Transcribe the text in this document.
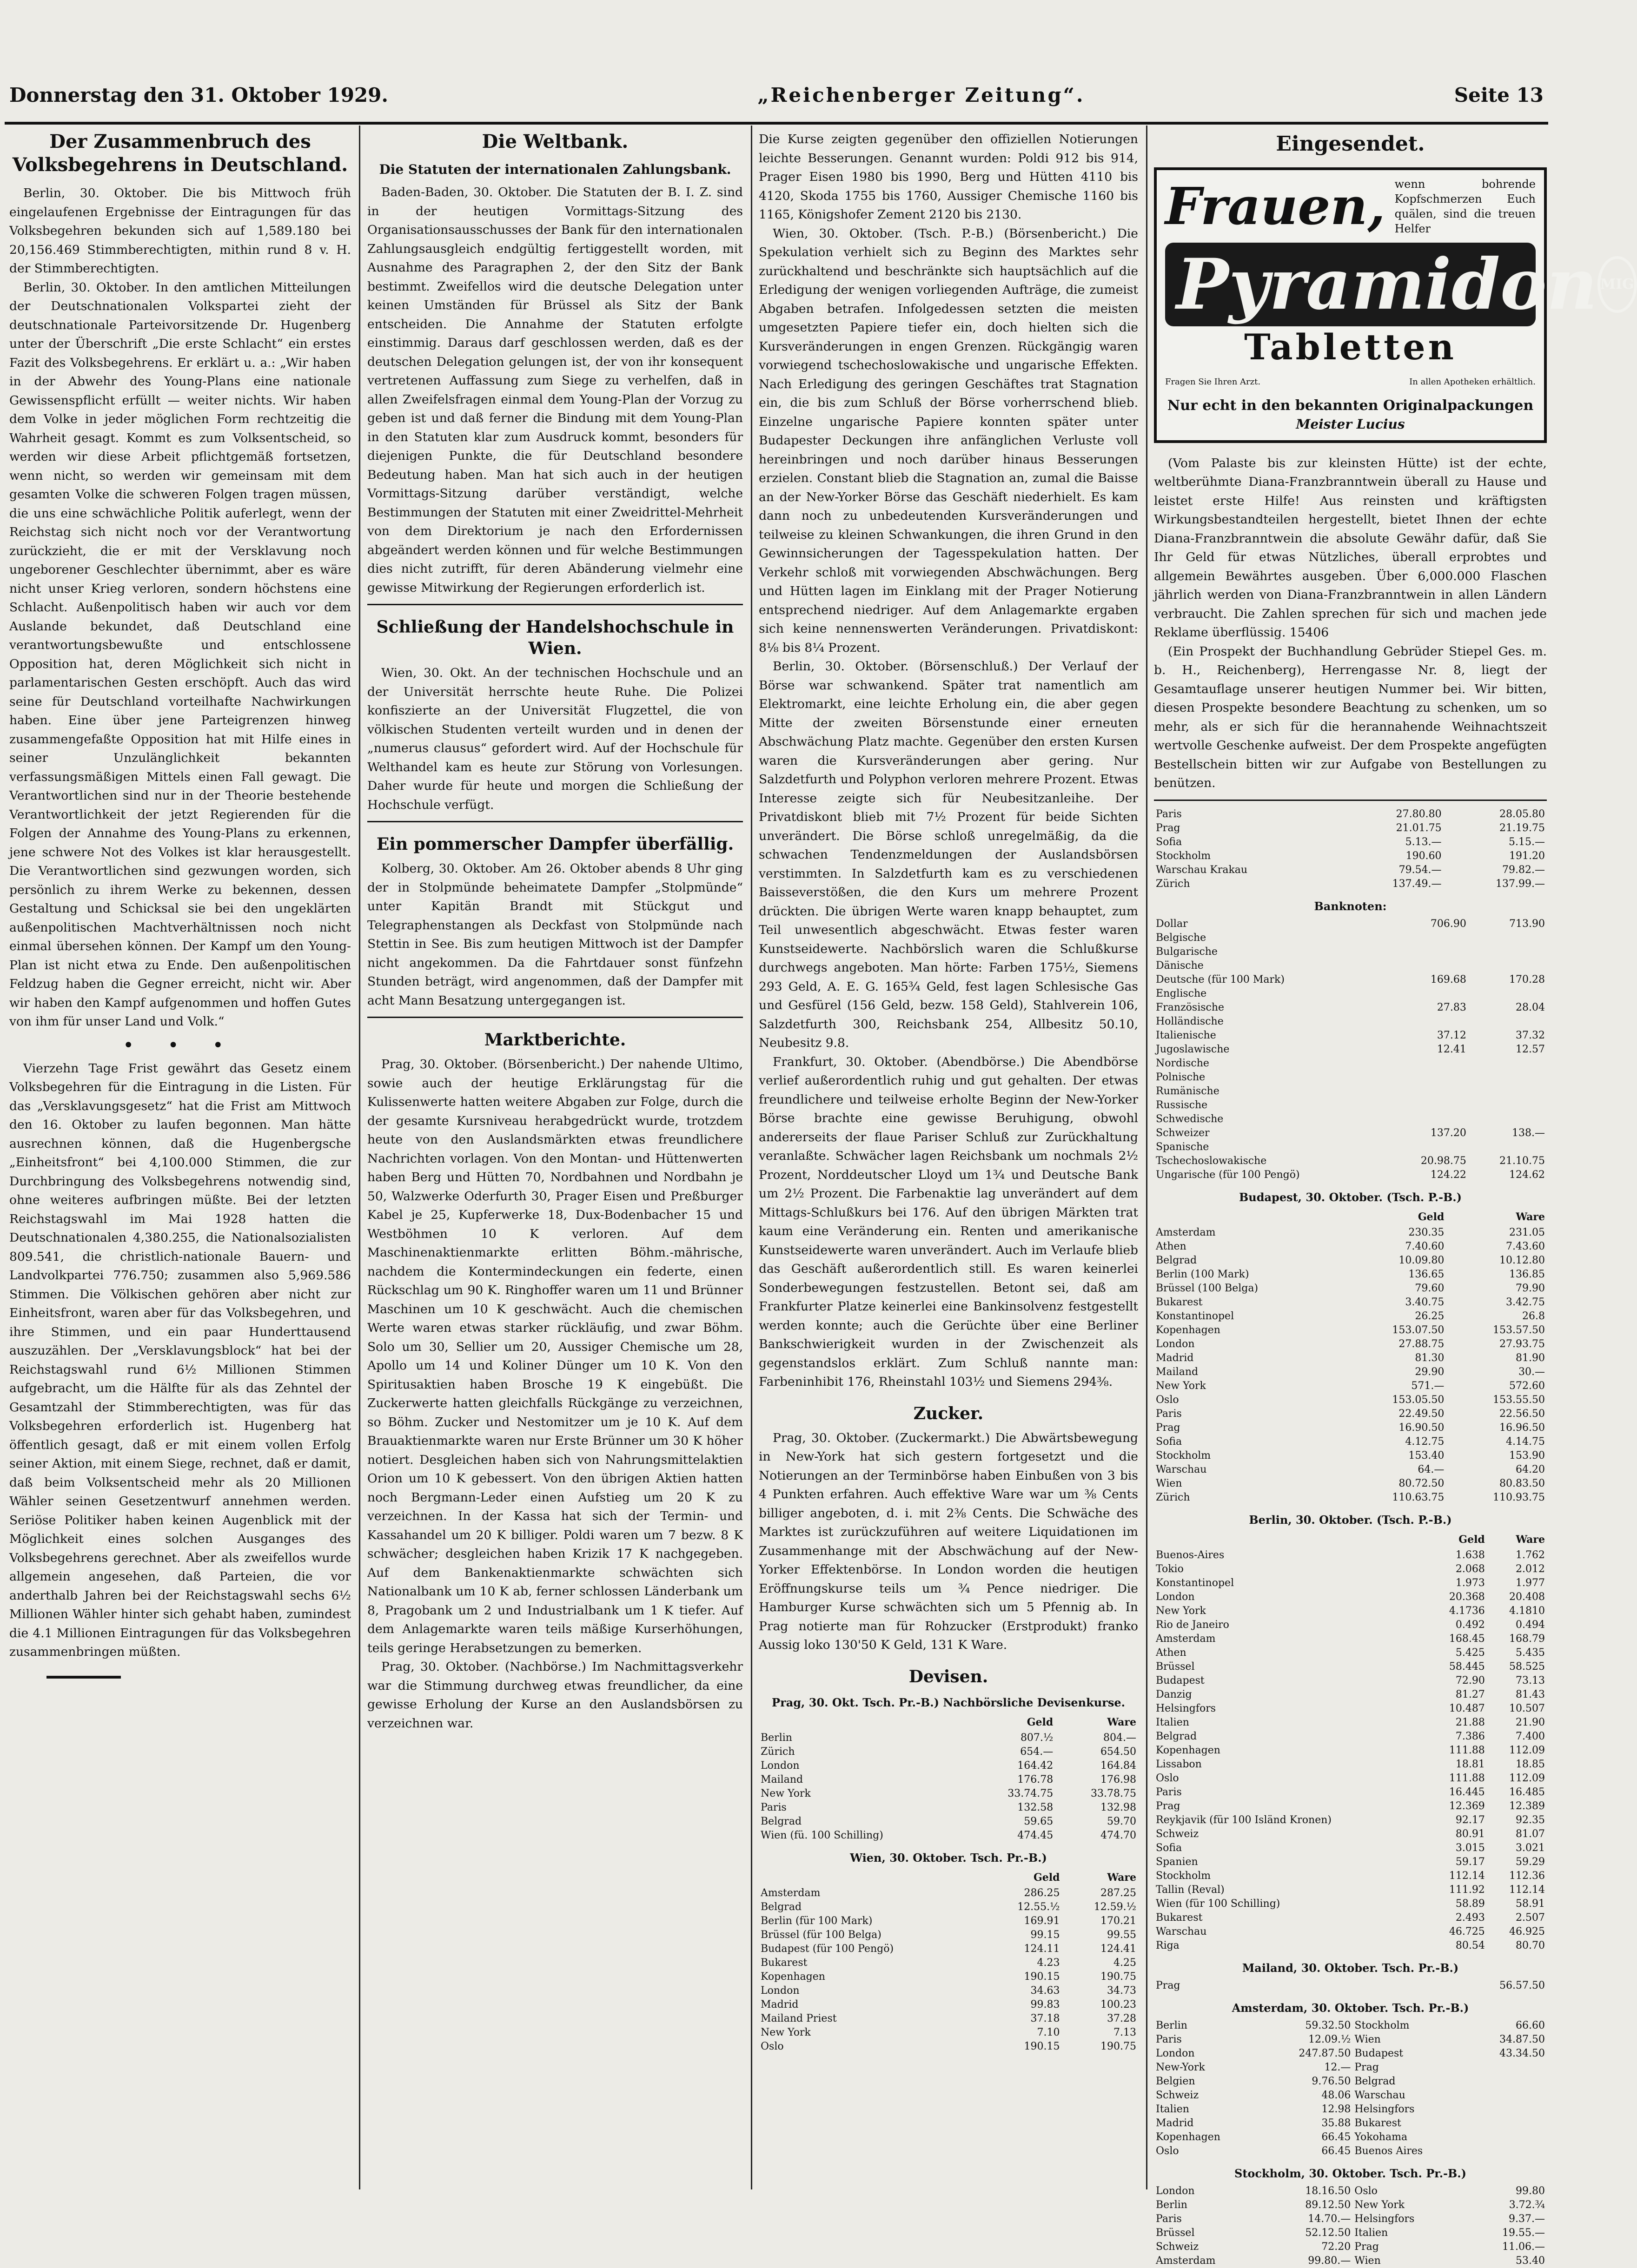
Donnerstag den 31. Oktober 1929.	„Reichenberger Zeitung“.	Seite 13
Der Zusammenbruch des Volksbegehrens in Deutschland.

Berlin, 30. Oktober. Die bis Mittwoch früh eingelaufenen Ergebnisse der Eintragungen für das Volksbegehren bekunden sich auf 1,589.180 bei 20,156.469 Stimmberechtigten, mithin rund 8 v. H. der Stimmberechtigten.

Berlin, 30. Oktober. In den amtlichen Mitteilungen der Deutschnationalen Volkspartei zieht der deutschnationale Parteivorsitzende Dr. Hugenberg unter der Überschrift „Die erste Schlacht“ ein erstes Fazit des Volksbegehrens. Er erklärt u. a.: „Wir haben in der Abwehr des Young-Plans eine nationale Gewissenspflicht erfüllt — weiter nichts. Wir haben dem Volke in jeder möglichen Form rechtzeitig die Wahrheit gesagt. Kommt es zum Volksentscheid, so werden wir diese Arbeit pflichtgemäß fortsetzen, wenn nicht, so werden wir gemeinsam mit dem gesamten Volke die schweren Folgen tragen müssen, die uns eine schwächliche Politik auferlegt, wenn der Reichstag sich nicht noch vor der Verantwortung zurückzieht, die er mit der Versklavung noch ungeborener Geschlechter übernimmt, aber es wäre nicht unser Krieg verloren, sondern höchstens eine Schlacht. Außenpolitisch haben wir auch vor dem Auslande bekundet, daß Deutschland eine verantwortungsbewußte und entschlossene Opposition hat, deren Möglichkeit sich nicht in parlamentarischen Gesten erschöpft. Auch das wird seine für Deutschland vorteilhafte Nachwirkungen haben. Eine über jene Parteigrenzen hinweg zusammengefaßte Opposition hat mit Hilfe eines in seiner Unzulänglichkeit bekannten verfassungsmäßigen Mittels einen Fall gewagt. Die Verantwortlichen sind nur in der Theorie bestehende Verantwortlichkeit der jetzt Regierenden für die Folgen der Annahme des Young-Plans zu erkennen, jene schwere Not des Volkes ist klar herausgestellt. Die Verantwortlichen sind gezwungen worden, sich persönlich zu ihrem Werke zu bekennen, dessen Gestaltung und Schicksal sie bei den ungeklärten außenpolitischen Machtverhältnissen noch nicht einmal übersehen können. Der Kampf um den Young-Plan ist nicht etwa zu Ende. Den außenpolitischen Feldzug haben die Gegner erreicht, nicht wir. Aber wir haben den Kampf aufgenommen und hoffen Gutes von ihm für unser Land und Volk.“

• • •

Vierzehn Tage Frist gewährt das Gesetz einem Volksbegehren für die Eintragung in die Listen. Für das „Versklavungsgesetz“ hat die Frist am Mittwoch den 16. Oktober zu laufen begonnen. Man hätte ausrechnen können, daß die Hugenbergsche „Einheitsfront“ bei 4,100.000 Stimmen, die zur Durchbringung des Volksbegehrens notwendig sind, ohne weiteres aufbringen müßte. Bei der letzten Reichstagswahl im Mai 1928 hatten die Deutschnationalen 4,380.255, die Nationalsozialisten 809.541, die christlich-nationale Bauern- und Landvolkpartei 776.750; zusammen also 5,969.586 Stimmen. Die Völkischen gehören aber nicht zur Einheitsfront, waren aber für das Volksbegehren, und ihre Stimmen, und ein paar Hunderttausend auszuzählen. Der „Versklavungsblock“ hat bei der Reichstagswahl rund 6½ Millionen Stimmen aufgebracht, um die Hälfte für als das Zehntel der Gesamtzahl der Stimmberechtigten, was für das Volksbegehren erforderlich ist. Hugenberg hat öffentlich gesagt, daß er mit einem vollen Erfolg seiner Aktion, mit einem Siege, rechnet, daß er damit, daß beim Volksentscheid mehr als 20 Millionen Wähler seinen Gesetzentwurf annehmen werden. Seriöse Politiker haben keinen Augenblick mit der Möglichkeit eines solchen Ausganges des Volksbegehrens gerechnet. Aber als zweifellos wurde allgemein angesehen, daß Parteien, die vor anderthalb Jahren bei der Reichstagswahl sechs 6½ Millionen Wähler hinter sich gehabt haben, zumindest die 4.1 Millionen Eintragungen für das Volksbegehren zusammenbringen müßten.

Die Weltbank.
Die Statuten der internationalen Zahlungsbank.

Baden-Baden, 30. Oktober. Die Statuten der B. I. Z. sind in der heutigen Vormittags-Sitzung des Organisationsausschusses der Bank für den internationalen Zahlungsausgleich endgültig fertiggestellt worden, mit Ausnahme des Paragraphen 2, der den Sitz der Bank bestimmt. Zweifellos wird die deutsche Delegation unter keinen Umständen für Brüssel als Sitz der Bank entscheiden. Die Annahme der Statuten erfolgte einstimmig. Daraus darf geschlossen werden, daß es der deutschen Delegation gelungen ist, der von ihr konsequent vertretenen Auffassung zum Siege zu verhelfen, daß in allen Zweifelsfragen einmal dem Young-Plan der Vorzug zu geben ist und daß ferner die Bindung mit dem Young-Plan in den Statuten klar zum Ausdruck kommt, besonders für diejenigen Punkte, die für Deutschland besondere Bedeutung haben. Man hat sich auch in der heutigen Vormittags-Sitzung darüber verständigt, welche Bestimmungen der Statuten mit einer Zweidrittel-Mehrheit von dem Direktorium je nach den Erfordernissen abgeändert werden können und für welche Bestimmungen dies nicht zutrifft, für deren Abänderung vielmehr eine gewisse Mitwirkung der Regierungen erforderlich ist.

Schließung der Handelshochschule in Wien.

Wien, 30. Okt. An der technischen Hochschule und an der Universität herrschte heute Ruhe. Die Polizei konfiszierte an der Universität Flugzettel, die von völkischen Studenten verteilt wurden und in denen der „numerus clausus“ gefordert wird. Auf der Hochschule für Welthandel kam es heute zur Störung von Vorlesungen. Daher wurde für heute und morgen die Schließung der Hochschule verfügt.

Ein pommerscher Dampfer überfällig.

Kolberg, 30. Oktober. Am 26. Oktober abends 8 Uhr ging der in Stolpmünde beheimatete Dampfer „Stolpmünde“ unter Kapitän Brandt mit Stückgut und Telegraphenstangen als Deckfast von Stolpmünde nach Stettin in See. Bis zum heutigen Mittwoch ist der Dampfer nicht angekommen. Da die Fahrtdauer sonst fünfzehn Stunden beträgt, wird angenommen, daß der Dampfer mit acht Mann Besatzung untergegangen ist.

Marktberichte.

Prag, 30. Oktober. (Börsenbericht.) Der nahende Ultimo, sowie auch der heutige Erklärungstag für die Kulissenwerte hatten weitere Abgaben zur Folge, durch die der gesamte Kursniveau herabgedrückt wurde, trotzdem heute von den Auslandsmärkten etwas freundlichere Nachrichten vorlagen. Von den Montan- und Hüttenwerten haben Berg und Hütten 70, Nordbahnen und Nordbahn je 50, Walzwerke Oderfurth 30, Prager Eisen und Preßburger Kabel je 25, Kupferwerke 18, Dux-Bodenbacher 15 und Westböhmen 10 K verloren. Auf dem Maschinenaktienmarkte erlitten Böhm.-mährische, nachdem die Kontermindeckungen ein federte, einen Rückschlag um 90 K. Ringhoffer waren um 11 und Brünner Maschinen um 10 K geschwächt. Auch die chemischen Werte waren etwas starker rückläufig, und zwar Böhm. Solo um 30, Sellier um 20, Aussiger Chemische um 28, Apollo um 14 und Koliner Dünger um 10 K. Von den Spiritusaktien haben Brosche 19 K eingebüßt. Die Zuckerwerte hatten gleichfalls Rückgänge zu verzeichnen, so Böhm. Zucker und Nestomitzer um je 10 K. Auf dem Brauaktienmarkte waren nur Erste Brünner um 30 K höher notiert. Desgleichen haben sich von Nahrungsmittelaktien Orion um 10 K gebessert. Von den übrigen Aktien hatten noch Bergmann-Leder einen Aufstieg um 20 K zu verzeichnen. In der Kassa hat sich der Termin- und Kassahandel um 20 K billiger. Poldi waren um 7 bezw. 8 K schwächer; desgleichen haben Krizik 17 K nachgegeben. Auf dem Bankenaktienmarkte schwächten sich Nationalbank um 10 K ab, ferner schlossen Länderbank um 8, Pragobank um 2 und Industrialbank um 1 K tiefer. Auf dem Anlagemarkte waren teils mäßige Kurserhöhungen, teils geringe Herabsetzungen zu bemerken.

Prag, 30. Oktober. (Nachbörse.) Im Nachmittagsverkehr war die Stimmung durchweg etwas freundlicher, da eine gewisse Erholung der Kurse an den Auslandsbörsen zu verzeichnen war.

Die Kurse zeigten gegenüber den offiziellen Notierungen leichte Besserungen. Genannt wurden: Poldi 912 bis 914, Prager Eisen 1980 bis 1990, Berg und Hütten 4110 bis 4120, Skoda 1755 bis 1760, Aussiger Chemische 1160 bis 1165, Königshofer Zement 2120 bis 2130.

Wien, 30. Oktober. (Tsch. P.-B.) (Börsenbericht.) Die Spekulation verhielt sich zu Beginn des Marktes sehr zurückhaltend und beschränkte sich hauptsächlich auf die Erledigung der wenigen vorliegenden Aufträge, die zumeist Abgaben betrafen. Infolgedessen setzten die meisten umgesetzten Papiere tiefer ein, doch hielten sich die Kursveränderungen in engen Grenzen. Rückgängig waren vorwiegend tschechoslowakische und ungarische Effekten. Nach Erledigung des geringen Geschäftes trat Stagnation ein, die bis zum Schluß der Börse vorherrschend blieb. Einzelne ungarische Papiere konnten später unter Budapester Deckungen ihre anfänglichen Verluste voll hereinbringen und noch darüber hinaus Besserungen erzielen. Constant blieb die Stagnation an, zumal die Baisse an der New-Yorker Börse das Geschäft niederhielt. Es kam dann noch zu unbedeutenden Kursveränderungen und teilweise zu kleinen Schwankungen, die ihren Grund in den Gewinnsicherungen der Tagesspekulation hatten. Der Verkehr schloß mit vorwiegenden Abschwächungen. Berg und Hütten lagen im Einklang mit der Prager Notierung entsprechend niedriger. Auf dem Anlagemarkte ergaben sich keine nennenswerten Veränderungen. Privatdiskont: 8⅛ bis 8¼ Prozent.

Berlin, 30. Oktober. (Börsenschluß.) Der Verlauf der Börse war schwankend. Später trat namentlich am Elektromarkt, eine leichte Erholung ein, die aber gegen Mitte der zweiten Börsenstunde einer erneuten Abschwächung Platz machte. Gegenüber den ersten Kursen waren die Kursveränderungen aber gering. Nur Salzdetfurth und Polyphon verloren mehrere Prozent. Etwas Interesse zeigte sich für Neubesitzanleihe. Der Privatdiskont blieb mit 7½ Prozent für beide Sichten unverändert. Die Börse schloß unregelmäßig, da die schwachen Tendenzmeldungen der Auslandsbörsen verstimmten. In Salzdetfurth kam es zu verschiedenen Baisseverstößen, die den Kurs um mehrere Prozent drückten. Die übrigen Werte waren knapp behauptet, zum Teil unwesentlich abgeschwächt. Etwas fester waren Kunstseidewerte. Nachbörslich waren die Schlußkurse durchwegs angeboten. Man hörte: Farben 175½, Siemens 293 Geld, A. E. G. 165¾ Geld, fest lagen Schlesische Gas und Gesfürel (156 Geld, bezw. 158 Geld), Stahlverein 106, Salzdetfurth 300, Reichsbank 254, Allbesitz 50.10, Neubesitz 9.8.

Frankfurt, 30. Oktober. (Abendbörse.) Die Abendbörse verlief außerordentlich ruhig und gut gehalten. Der etwas freundlichere und teilweise erholte Beginn der New-Yorker Börse brachte eine gewisse Beruhigung, obwohl andererseits der flaue Pariser Schluß zur Zurückhaltung veranlaßte. Schwächer lagen Reichsbank um nochmals 2½ Prozent, Norddeutscher Lloyd um 1¾ und Deutsche Bank um 2½ Prozent. Die Farbenaktie lag unverändert auf dem Mittags-Schlußkurs bei 176. Auf den übrigen Märkten trat kaum eine Veränderung ein. Renten und amerikanische Kunstseidewerte waren unverändert. Auch im Verlaufe blieb das Geschäft außerordentlich still. Es waren keinerlei Sonderbewegungen festzustellen. Betont sei, daß am Frankfurter Platze keinerlei eine Bankinsolvenz festgestellt werden konnte; auch die Gerüchte über eine Berliner Bankschwierigkeit wurden in der Zwischenzeit als gegenstandslos erklärt. Zum Schluß nannte man: Farbeninhibit 176, Rheinstahl 103½ und Siemens 294⅜.

Zucker.

Prag, 30. Oktober. (Zuckermarkt.) Die Abwärtsbewegung in New-York hat sich gestern fortgesetzt und die Notierungen an der Terminbörse haben Einbußen von 3 bis 4 Punkten erfahren. Auch effektive Ware war um ⅜ Cents billiger angeboten, d. i. mit 2⅜ Cents. Die Schwäche des Marktes ist zurückzuführen auf weitere Liquidationen im Zusammenhange mit der Abschwächung auf der New-Yorker Effektenbörse. In London worden die heutigen Eröffnungskurse teils um ¾ Pence niedriger. Die Hamburger Kurse schwächten sich um 5 Pfennig ab. In Prag notierte man für Rohzucker (Erstprodukt) franko Aussig loko 130'50 K Geld, 131 K Ware.

Devisen.
Prag, 30. Okt. Tsch. Pr.-B.) Nachbörsliche Devisenkurse.
	Geld	Ware
Berlin	807.½	804.—
Zürich	654.—	654.50
London	164.42	164.84
Mailand	176.78	176.98
New York	33.74.75	33.78.75
Paris	132.58	132.98
Belgrad	59.65	59.70
Wien (fü. 100 Schilling)	474.45	474.70
Wien, 30. Oktober. Tsch. Pr.-B.)
	Geld	Ware
Amsterdam	286.25	287.25
Belgrad	12.55.½	12.59.½
Berlin (für 100 Mark)	169.91	170.21
Brüssel (für 100 Belga)	99.15	99.55
Budapest (für 100 Pengö)	124.11	124.41
Bukarest	4.23	4.25
Kopenhagen	190.15	190.75
London	34.63	34.73
Madrid	99.83	100.23
Mailand Priest	37.18	37.28
New York	7.10	7.13
Oslo	190.15	190.75
Eingesendet.
Frauen, wenn bohrende Kopfschmerzen Euch quälen, sind die treuen Helfer
Pyramidon MIG
Tabletten
Fragen Sie Ihren Arzt.	In allen Apotheken erhältlich.
Nur echt in den bekannten Originalpackungen
Meister Lucius

(Vom Palaste bis zur kleinsten Hütte) ist der echte, weltberühmte Diana-Franzbranntwein überall zu Hause und leistet erste Hilfe! Aus reinsten und kräftigsten Wirkungsbestandteilen hergestellt, bietet Ihnen der echte Diana-Franzbranntwein die absolute Gewähr dafür, daß Sie Ihr Geld für etwas Nützliches, überall erprobtes und allgemein Bewährtes ausgeben. Über 6,000.000 Flaschen jährlich werden von Diana-Franzbranntwein in allen Ländern verbraucht. Die Zahlen sprechen für sich und machen jede Reklame überflüssig. 15406

(Ein Prospekt der Buchhandlung Gebrüder Stiepel Ges. m. b. H., Reichenberg), Herrengasse Nr. 8, liegt der Gesamtauflage unserer heutigen Nummer bei. Wir bitten, diesen Prospekte besondere Beachtung zu schenken, um so mehr, als er sich für die herannahende Weihnachtszeit wertvolle Geschenke aufweist. Der dem Prospekte angefügten Bestellschein bitten wir zur Aufgabe von Bestellungen zu benützen.

Paris	27.80.80	28.05.80
Prag	21.01.75	21.19.75
Sofia	5.13.—	5.15.—
Stockholm	190.60	191.20
Warschau Krakau	79.54.—	79.82.—
Zürich	137.49.—	137.99.—
Banknoten:
Dollar	706.90	713.90
Belgische		
Bulgarische		
Dänische		
Deutsche (für 100 Mark)	169.68	170.28
Englische		
Französische	27.83	28.04
Holländische		
Italienische	37.12	37.32
Jugoslawische	12.41	12.57
Nordische		
Polnische		
Rumänische		
Russische		
Schwedische		
Schweizer	137.20	138.—
Spanische		
Tschechoslowakische	20.98.75	21.10.75
Ungarische (für 100 Pengö)	124.22	124.62
Budapest, 30. Oktober. (Tsch. P.-B.)
	Geld	Ware
Amsterdam	230.35	231.05
Athen	7.40.60	7.43.60
Belgrad	10.09.80	10.12.80
Berlin (100 Mark)	136.65	136.85
Brüssel (100 Belga)	79.60	79.90
Bukarest	3.40.75	3.42.75
Konstantinopel	26.25	26.8
Kopenhagen	153.07.50	153.57.50
London	27.88.75	27.93.75
Madrid	81.30	81.90
Mailand	29.90	30.—
New York	571.—	572.60
Oslo	153.05.50	153.55.50
Paris	22.49.50	22.56.50
Prag	16.90.50	16.96.50
Sofia	4.12.75	4.14.75
Stockholm	153.40	153.90
Warschau	64.—	64.20
Wien	80.72.50	80.83.50
Zürich	110.63.75	110.93.75
Berlin, 30. Oktober. (Tsch. P.-B.)
	Geld	Ware
Buenos-Aires	1.638	1.762
Tokio	2.068	2.012
Konstantinopel	1.973	1.977
London	20.368	20.408
New York	4.1736	4.1810
Rio de Janeiro	0.492	0.494
Amsterdam	168.45	168.79
Athen	5.425	5.435
Brüssel	58.445	58.525
Budapest	72.90	73.13
Danzig	81.27	81.43
Helsingfors	10.487	10.507
Italien	21.88	21.90
Belgrad	7.386	7.400
Kopenhagen	111.88	112.09
Lissabon	18.81	18.85
Oslo	111.88	112.09
Paris	16.445	16.485
Prag	12.369	12.389
Reykjavik (für 100 Isländ Kronen)	92.17	92.35
Schweiz	80.91	81.07
Sofia	3.015	3.021
Spanien	59.17	59.29
Stockholm	112.14	112.36
Tallin (Reval)	111.92	112.14
Wien (für 100 Schilling)	58.89	58.91
Bukarest	2.493	2.507
Warschau	46.725	46.925
Riga	80.54	80.70
Mailand, 30. Oktober. Tsch. Pr.-B.)
Prag		56.57.50
Amsterdam, 30. Oktober. Tsch. Pr.-B.)
Berlin	59.32.50	Stockholm	66.60
Paris	12.09.½	Wien	34.87.50
London	247.87.50	Budapest	43.34.50
New-York	12.—	Prag	
Belgien	9.76.50	Belgrad	
Schweiz	48.06	Warschau	
Italien	12.98	Helsingfors	
Madrid	35.88	Bukarest	
Kopenhagen	66.45	Yokohama	
Oslo	66.45	Buenos Aires	
Stockholm, 30. Oktober. Tsch. Pr.-B.)
London	18.16.50	Oslo	99.80
Berlin	89.12.50	New York	3.72.¾
Paris	14.70.—	Helsingfors	9.37.—
Brüssel	52.12.50	Italien	19.55.—
Schweiz	72.20	Prag	11.06.—
Amsterdam	99.80.—	Wien	53.40
